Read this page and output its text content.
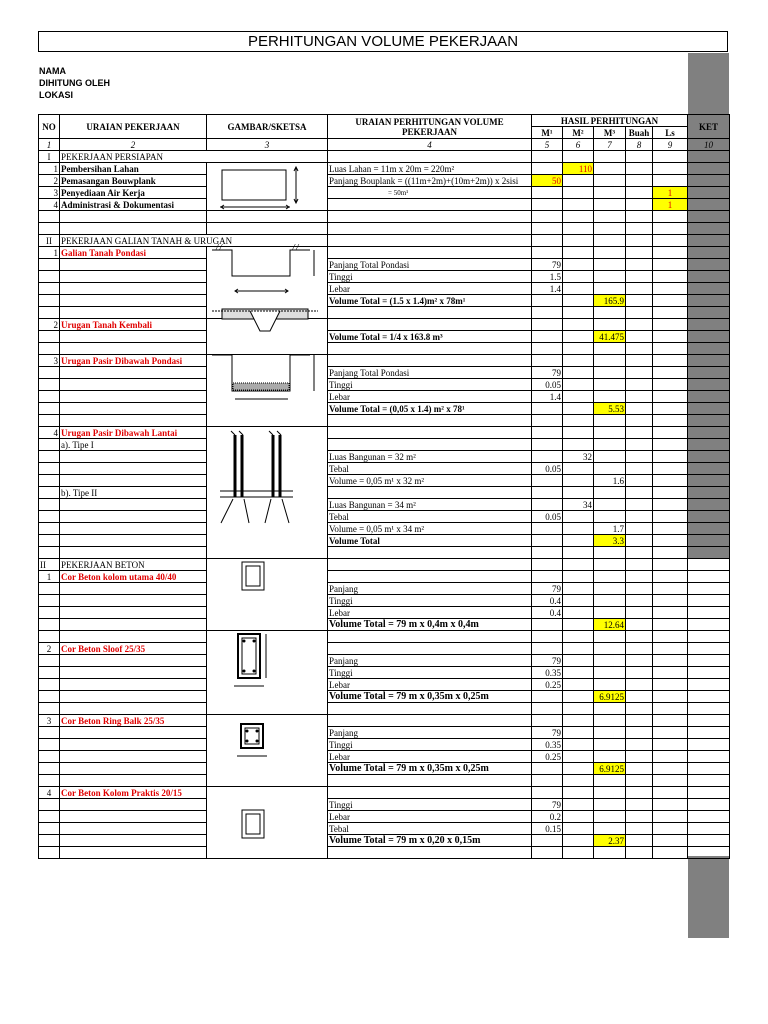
PERHITUNGAN VOLUME PEKERJAAN
NAMA
DIHITUNG OLEH
LOKASI
NO	URAIAN PEKERJAAN	GAMBAR/SKETSA	URAIAN PERHITUNGAN VOLUME PEKERJAAN	HASIL PERHITUNGAN					KET
				M¹	M²	M³	Buah	Ls	
1	2	3	4	5	6	7	8	9	10
I	PEKERJAAN PERSIAPAN								
1	Pembersihan Lahan		Luas Lahan = 11m x 20m = 220m²		110				
2	Pemasangan Bouwplank		Panjang Bouplank = ((11m+2m)+(10m+2m)) x 2sisi	50					
3	Penyediaan Air Kerja		= 50m¹					1	
4	Administrasi & Dokumentasi							1	

II	PEKERJAAN GALIAN TANAH & URUGAN								
1	Galian Tanah Pondasi								
			Panjang Total Pondasi	79					
			Tinggi	1.5					
			Lebar	1.4					
			Volume Total = (1.5 x 1.4)m² x 78m¹			165.9			

2	Urugan Tanah Kembali								
			Volume Total = 1/4 x 163.8 m³			41.475			

3	Urugan Pasir Dibawah Pondasi								
			Panjang Total Pondasi	79					
			Tinggi	0.05					
			Lebar	1.4					
			Volume Total = (0,05 x 1.4) m² x 78¹			5.53			

4	Urugan Pasir Dibawah Lantai								
	a). Tipe I								
			Luas Bangunan = 32 m²		32				
			Tebal	0.05					
			Volume = 0,05 m¹ x 32 m²			1.6			
	b). Tipe II								
			Luas Bangunan = 34 m²		34				
			Tebal	0.05					
			Volume = 0,05 m¹ x 34 m²			1.7			
			Volume Total			3.3			

II	PEKERJAAN BETON								
1	Cor Beton kolom utama 40/40								
			Panjang	79					
			Tinggi	0.4					
			Lebar	0.4					
			Volume Total = 79 m x 0,4m x 0,4m			12.64			

2	Cor Beton Sloof 25/35								
			Panjang	79					
			Tinggi	0.35					
			Lebar	0.25					
			Volume Total = 79 m x 0,35m x 0,25m			6.9125			

3	Cor Beton Ring Balk 25/35								
			Panjang	79					
			Tinggi	0.35					
			Lebar	0.25					
			Volume Total = 79 m x 0,35m x 0,25m			6.9125			

4	Cor Beton Kolom Praktis 20/15								
			Tinggi	79					
			Lebar	0.2					
			Tebal	0.15					
			Volume Total = 79 m x 0,20 x 0,15m			2.37			

ᐧ╱╱	╱╱
